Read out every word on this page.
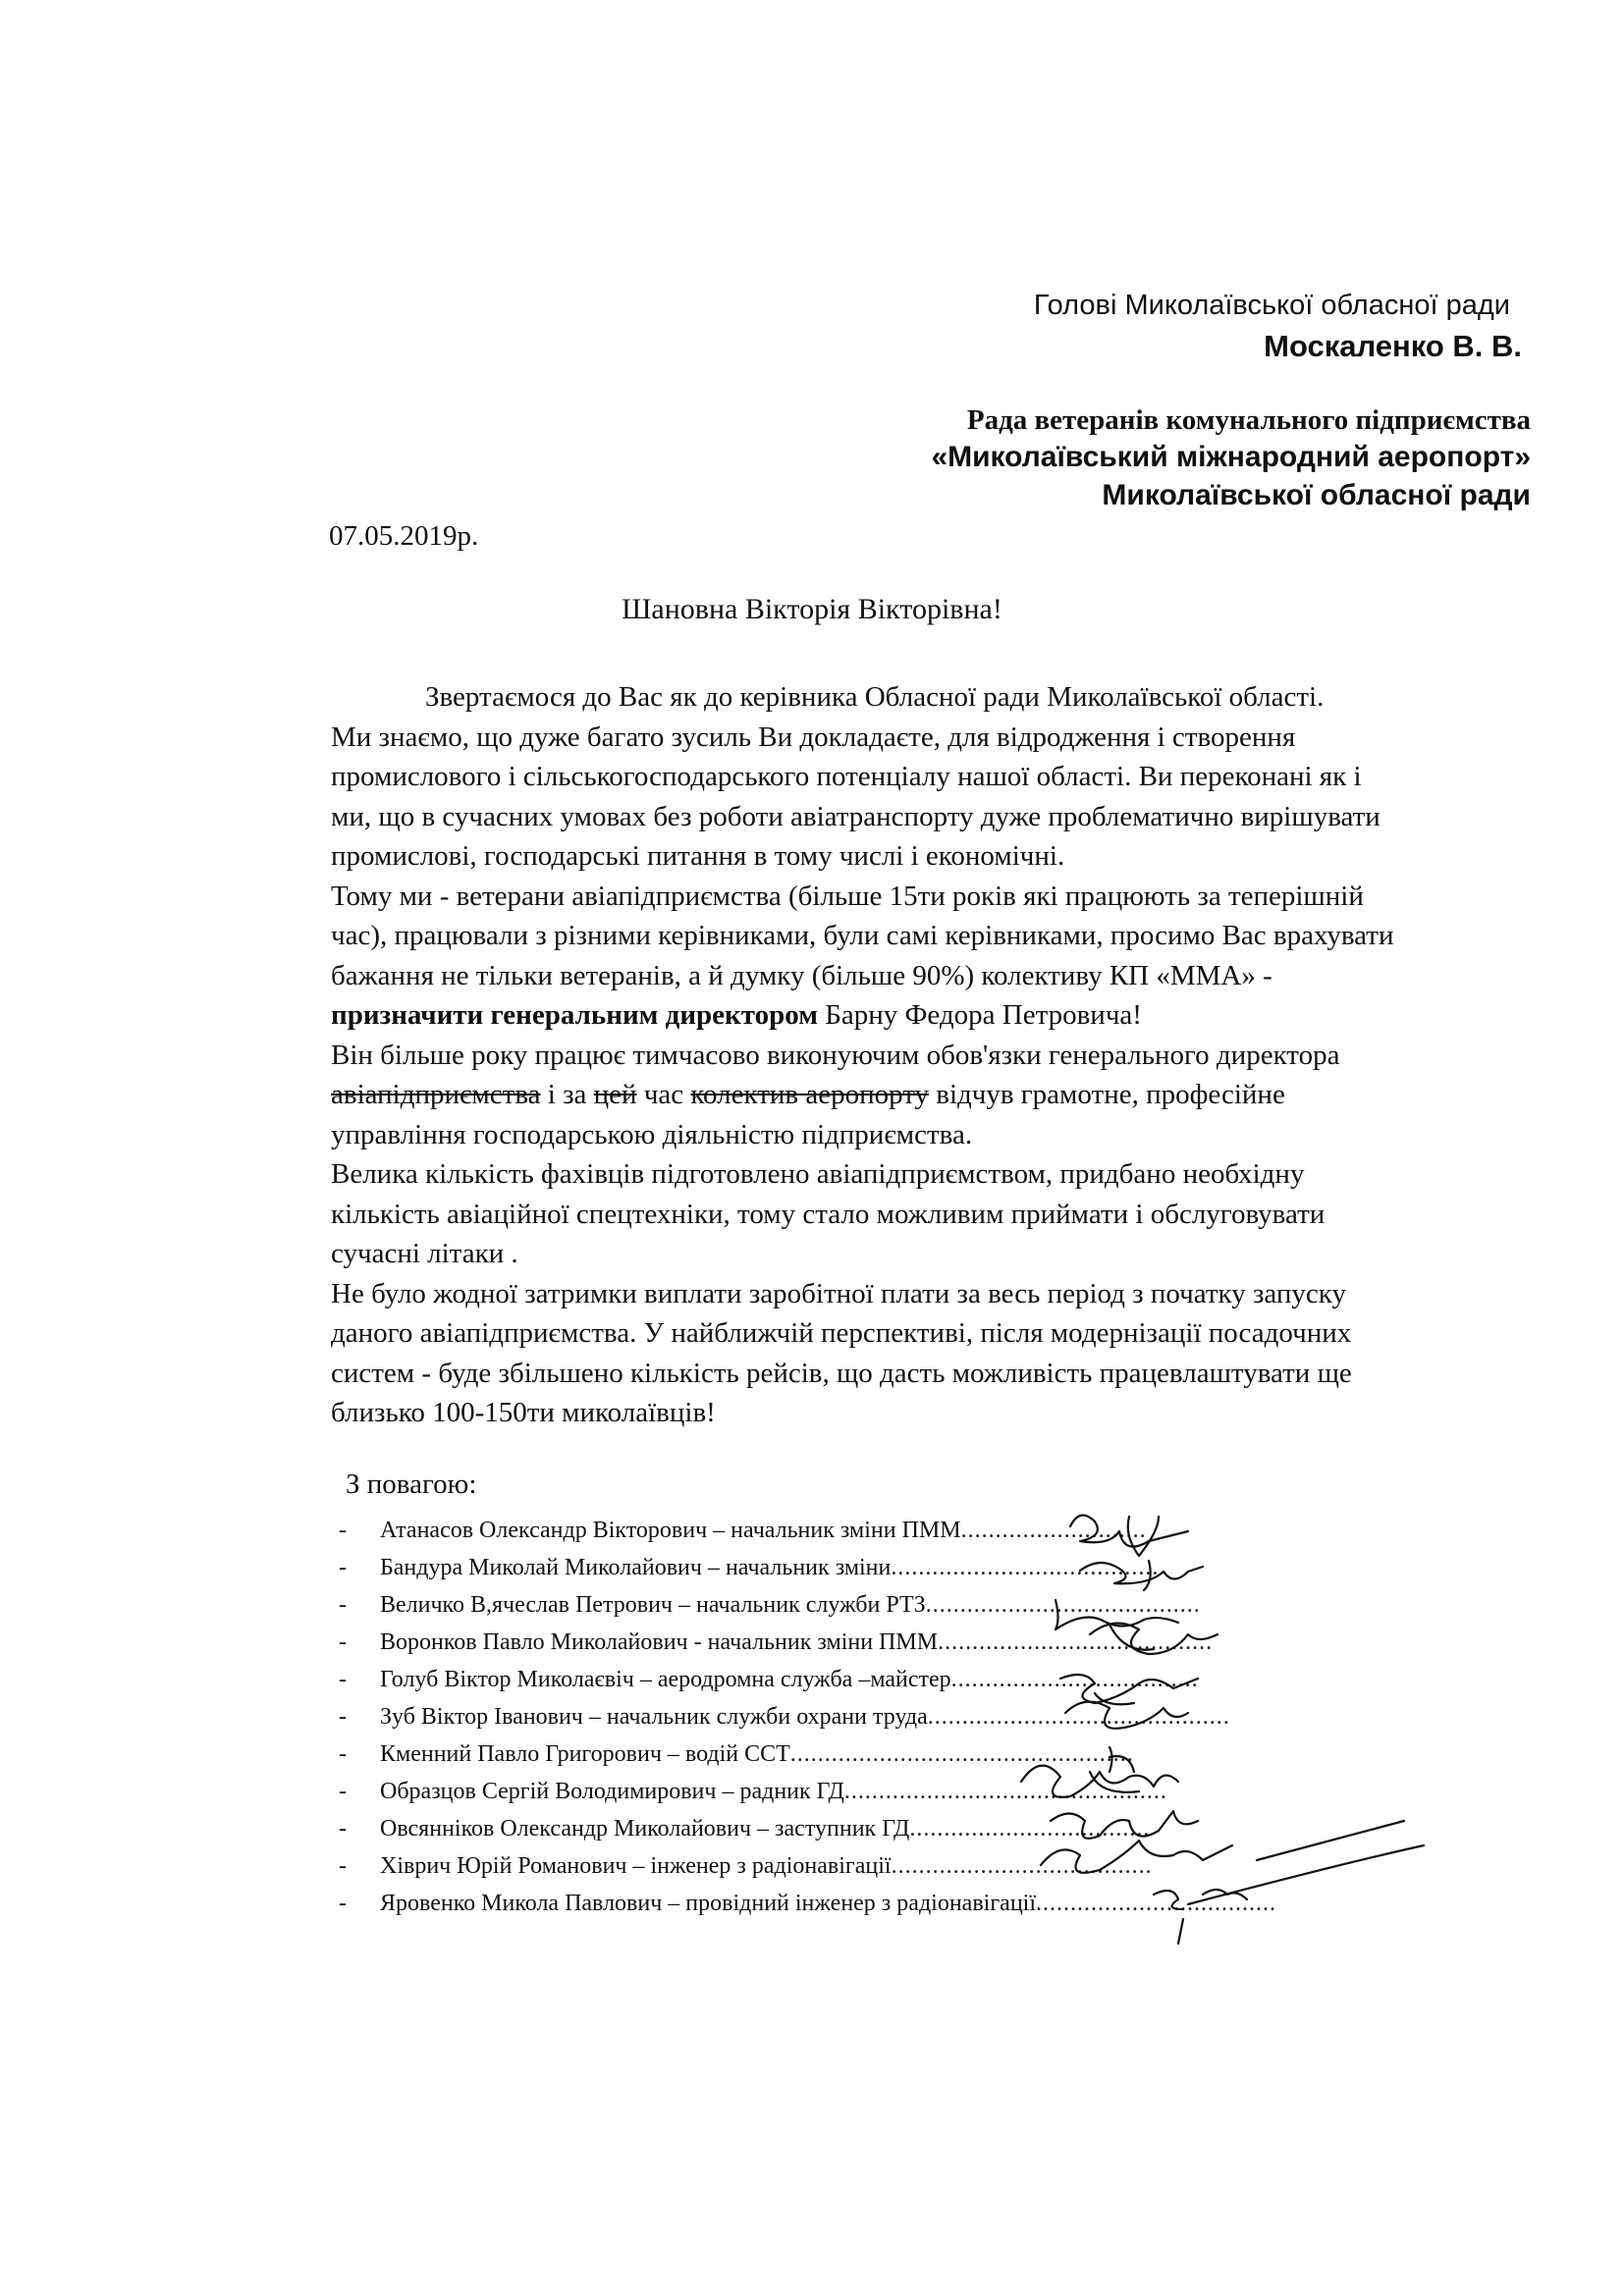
Голові Миколаївської обласної ради
Москаленко В. В.
Рада ветеранів комунального підприємства
«Миколаївський міжнародний аеропорт»
Миколаївської обласної ради
07.05.2019р.
Шановна Вікторія Вікторівна!
Звертаємося до Вас як до керівника Обласної ради Миколаївської області.
Ми знаємо, що дуже багато зусиль Ви докладаєте, для відродження і створення
промислового і сільськогосподарського потенціалу нашої області. Ви переконані як і
ми, що в сучасних умовах без роботи авіатранспорту дуже проблематично вирішувати
промислові, господарські питання в тому числі і економічні.
Тому ми - ветерани авіапідприємства (більше 15ти років які працюють за теперішній
час), працювали з різними керівниками, були самі керівниками, просимо Вас врахувати
бажання не тільки ветеранів, а й думку (більше 90%) колективу КП «ММА» -
призначити генеральним директором Барну Федора Петровича!
Він більше року працює тимчасово виконуючим обов'язки генерального директора
авіапідприємства і за цей час колектив аеропорту відчув грамотне, професійне
управління господарською діяльністю підприємства.
Велика кількість фахівців підготовлено авіапідприємством, придбано необхідну
кількість авіаційної спецтехніки, тому стало можливим приймати і обслуговувати
сучасні літаки .
Не було жодної затримки виплати заробітної плати за весь період з початку запуску
даного авіапідприємства. У найближчій перспективі, після модернізації посадочних
систем - буде збільшено кількість рейсів, що дасть можливість працевлаштувати ще
близько 100-150ти миколаївців!
З повагою:
-	Атанасов Олександр Вікторович – начальник зміни ПММ ...........................
-	Бандура Миколай Миколайович – начальник зміни .......................................
-	Величко В,ячеслав Петрович – начальник служби РТЗ ........................................
-	Воронков Павло Миколайович - начальник зміни ПММ ........................................
-	Голуб Віктор Миколаєвіч – аеродромна служба –майстер ....................................
-	Зуб Віктор Іванович – начальник служби охрани труда ............................................
-	Кменний Павло Григорович – водій ССТ ..................................................
-	Образцов Сергій Володимирович – радник ГД ...............................................
-	Овсянніков Олександр Миколайович – заступник ГД ...................................
-	Хіврич Юрій Романович – інженер з радіонавігації ......................................
-	Яровенко Микола Павлович – провідний інженер з радіонавігації ...................................
